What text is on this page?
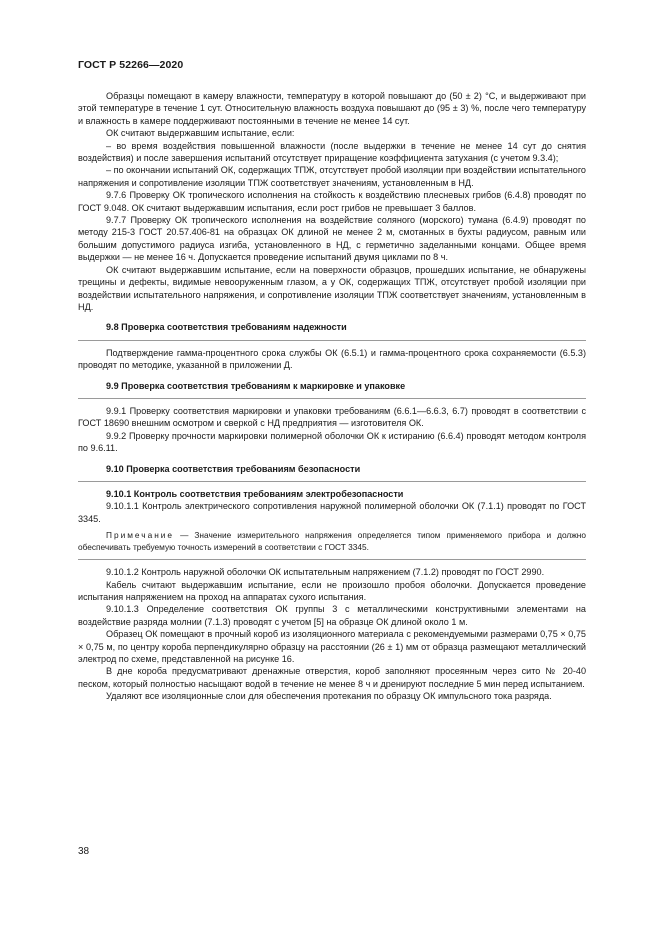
ГОСТ Р 52266—2020

Образцы помещают в камеру влажности, температуру в которой повышают до (50 ± 2) °С, и выдерживают при этой температуре в течение 1 сут. Относительную влажность воздуха повышают до (95 ± 3) %, после чего температуру и влажность в камере поддерживают постоянными в течение не менее 14 сут.

ОК считают выдержавшим испытание, если:

– во время воздействия повышенной влажности (после выдержки в течение не менее 14 сут до снятия воздействия) и после завершения испытаний отсутствует приращение коэффициента затухания (с учетом 9.3.4);

– по окончании испытаний ОК, содержащих ТПЖ, отсутствует пробой изоляции при воздействии испытательного напряжения и сопротивление изоляции ТПЖ соответствует значениям, установленным в НД.

9.7.6 Проверку ОК тропического исполнения на стойкость к воздействию плесневых грибов (6.4.8) проводят по ГОСТ 9.048. ОК считают выдержавшим испытания, если рост грибов не превышает 3 баллов.

9.7.7 Проверку ОК тропического исполнения на воздействие соляного (морского) тумана (6.4.9) проводят по методу 215-3 ГОСТ 20.57.406-81 на образцах ОК длиной не менее 2 м, смотанных в бухты радиусом, равным или большим допустимого радиуса изгиба, установленного в НД, с герметично заделанными концами. Общее время выдержки — не менее 16 ч. Допускается проведение испытаний двумя циклами по 8 ч.

ОК считают выдержавшим испытание, если на поверхности образцов, прошедших испытание, не обнаружены трещины и дефекты, видимые невооруженным глазом, а у ОК, содержащих ТПЖ, отсутствует пробой изоляции при воздействии испытательного напряжения, и сопротивление изоляции ТПЖ соответствует значениям, установленным в НД.

9.8 Проверка соответствия требованиям надежности

Подтверждение гамма-процентного срока службы ОК (6.5.1) и гамма-процентного срока сохраняемости (6.5.3) проводят по методике, указанной в приложении Д.

9.9 Проверка соответствия требованиям к маркировке и упаковке

9.9.1 Проверку соответствия маркировки и упаковки требованиям (6.6.1—6.6.3, 6.7) проводят в соответствии с ГОСТ 18690 внешним осмотром и сверкой с НД предприятия — изготовителя ОК.

9.9.2 Проверку прочности маркировки полимерной оболочки ОК к истиранию (6.6.4) проводят методом контроля по 9.6.11.

9.10 Проверка соответствия требованиям безопасности

9.10.1 Контроль соответствия требованиям электробезопасности

9.10.1.1 Контроль электрического сопротивления наружной полимерной оболочки ОК (7.1.1) проводят по ГОСТ 3345.

Примечание — Значение измерительного напряжения определяется типом применяемого прибора и должно обеспечивать требуемую точность измерений в соответствии с ГОСТ 3345.

9.10.1.2 Контроль наружной оболочки ОК испытательным напряжением (7.1.2) проводят по ГОСТ 2990.

Кабель считают выдержавшим испытание, если не произошло пробоя оболочки. Допускается проведение испытания напряжением на проход на аппаратах сухого испытания.

9.10.1.3 Определение соответствия ОК группы 3 с металлическими конструктивными элементами на воздействие разряда молнии (7.1.3) проводят с учетом [5] на образце ОК длиной около 1 м.

Образец ОК помещают в прочный короб из изоляционного материала с рекомендуемыми размерами 0,75 × 0,75 × 0,75 м, по центру короба перпендикулярно образцу на расстоянии (26 ± 1) мм от образца размещают металлический электрод по схеме, представленной на рисунке 16.

В дне короба предусматривают дренажные отверстия, короб заполняют просеянным через сито № 20-40 песком, который полностью насыщают водой в течение не менее 8 ч и дренируют последние 5 мин перед испытанием.

Удаляют все изоляционные слои для обеспечения протекания по образцу ОК импульсного тока разряда.

38
